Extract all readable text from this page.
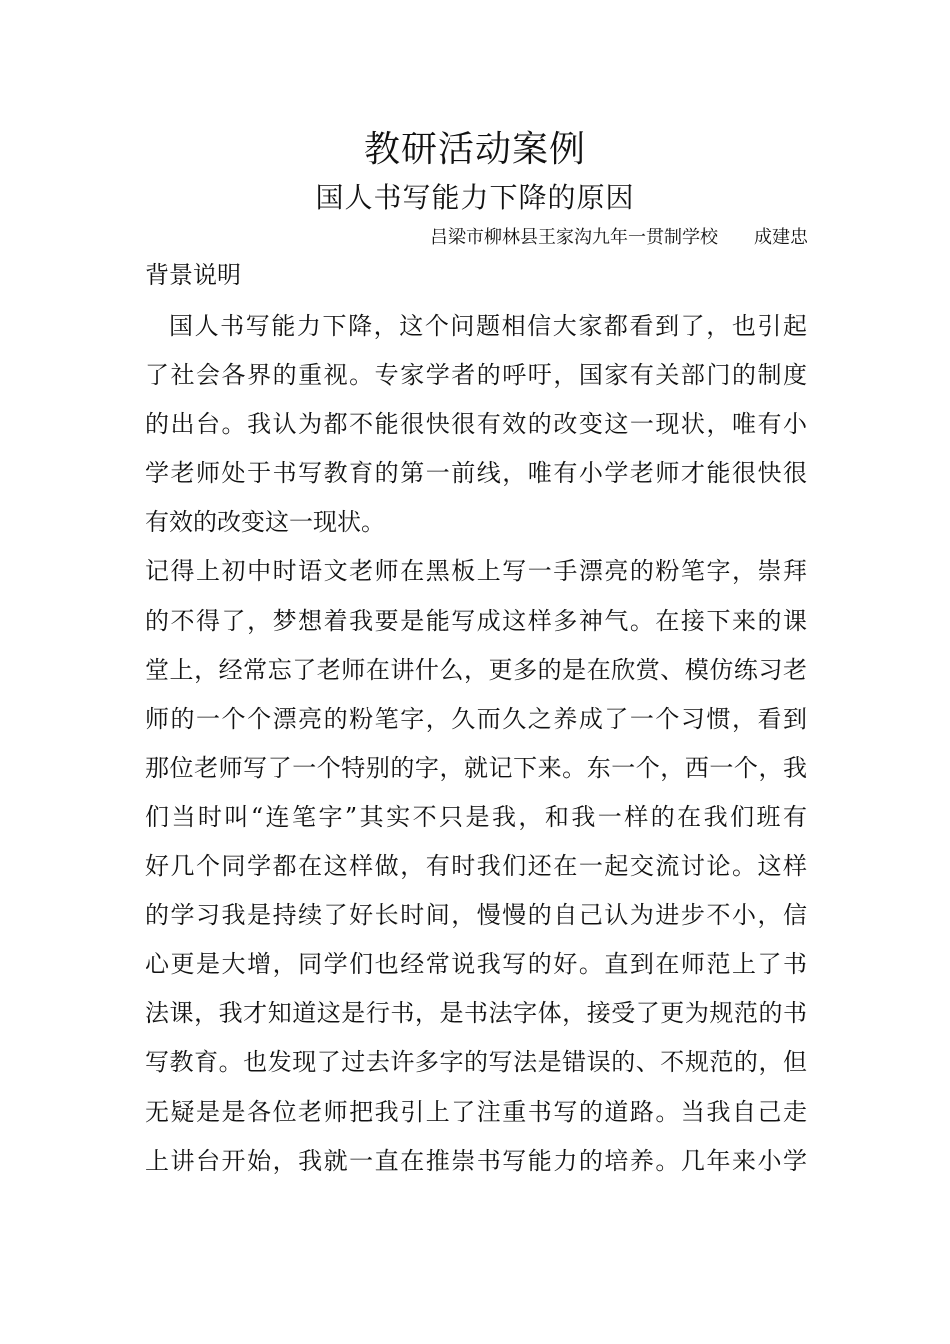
教研活动案例
国人书写能力下降的原因
吕梁市柳林县王家沟九年一贯制学校　　成建忠
背景说明
国人书写能力下降，这个问题相信大家都看到了，也引起
了社会各界的重视。专家学者的呼吁，国家有关部门的制度
的出台。我认为都不能很快很有效的改变这一现状，唯有小
学老师处于书写教育的第一前线，唯有小学老师才能很快很
有效的改变这一现状。
记得上初中时语文老师在黑板上写一手漂亮的粉笔字，崇拜
的不得了，梦想着我要是能写成这样多神气。在接下来的课
堂上，经常忘了老师在讲什么，更多的是在欣赏、模仿练习老
师的一个个漂亮的粉笔字，久而久之养成了一个习惯，看到
那位老师写了一个特别的字，就记下来。东一个，西一个，我
们当时叫“连笔字”其实不只是我，和我一样的在我们班有
好几个同学都在这样做，有时我们还在一起交流讨论。这样
的学习我是持续了好长时间，慢慢的自己认为进步不小，信
心更是大增，同学们也经常说我写的好。直到在师范上了书
法课，我才知道这是行书，是书法字体，接受了更为规范的书
写教育。也发现了过去许多字的写法是错误的、不规范的，但
无疑是是各位老师把我引上了注重书写的道路。当我自己走
上讲台开始，我就一直在推崇书写能力的培养。几年来小学
